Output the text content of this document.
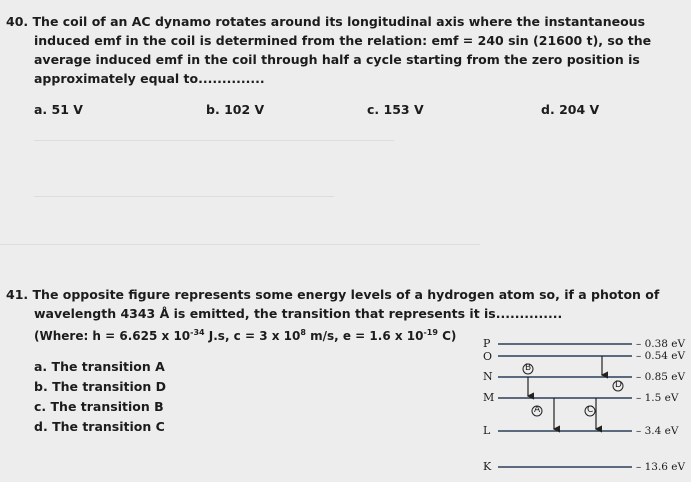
40. The coil of an AC dynamo rotates around its longitudinal axis where the instantaneous
induced emf in the coil is determined from the relation: emf = 240 sin (21600 t), so the
average induced emf in the coil through half a cycle starting from the zero position is
approximately equal to..............
a. 51 V	b. 102 V	c. 153 V	d. 204 V
41. The opposite figure represents some energy levels of a hydrogen atom so, if a photon of
wavelength 4343 Å is emitted, the transition that represents it is..............
(Where: h = 6.625 x $10^{-34}$ J.s, c = 3 x $10^8$ m/s, e = 1.6 x $10^{-19}$ C)
a. The transition A
b. The transition D
c. The transition B
d. The transition C
B
D
A	C
P
O
N
M
L
K
– 0.38 eV
– 0.54 eV
– 0.85 eV
– 1.5 eV
– 3.4 eV
– 13.6 eV
